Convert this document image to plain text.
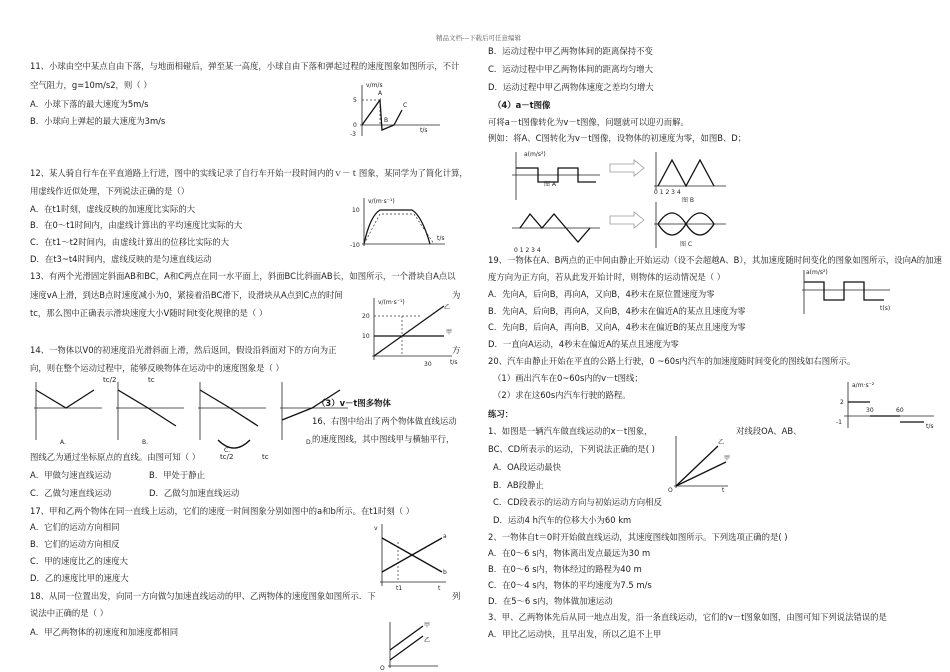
精品文档---下载后可任意编辑
11、小球由空中某点自由下落，与地面相碰后，弹至某一高度，小球自由下落和弹起过程的速度图象如图所示，不计
空气阻力，g=10m/s2，则（ ）
A．小球下落的最大速度为5m/s
B．小球向上弹起的最大速度为3m/s
12、某人骑自行车在平直道路上行进，图中的实线记录了自行车开始一段时间内的ｖ－ｔ图象，某同学为了简化计算，
用虚线作近似处理，下列说法正确的是（）
A．在t1时刻，虚线反映的加速度比实际的大
B．在0～t1时间内，由虚线计算出的平均速度比实际的大
C．在t1～t2时间内，由虚线计算出的位移比实际的大
D．在t3~t4时间内，虚线反映的是匀速直线运动
13、有两个光滑固定斜面AB和BC，A和C两点在同一水平面上，斜面BC比斜面AB长，如图所示，一个滑块自A点以
速度vA上滑，到达B点时速度减小为0，紧接着沿BC滑下，设滑块从A点到C点的时间	为
tc，那么图中正确表示滑块速度大小V随时间t变化规律的是（ ）
14、一物体以V0的初速度沿光滑斜面上滑，然后返回，假设沿斜面对下的方向为正	方
向，则在整个运动过程中，能够反映物体在运动中的速度图象是（ ）
（3）v－t图多物体
16、右图中给出了两个物体做直线运动
的速度图线，其中图线甲与横轴平行，
图线乙为通过坐标原点的直线。由图可知（ ）
A．甲做匀速直线运动	B．甲处于静止
C．乙做匀速直线运动	D．乙做匀加速直线运动
17、甲和乙两个物体在同一直线上运动，它们的速度一时间图象分别如图中的a和b所示。在t1时刻（ ）
A．它们的运动方向相同
B．它们的运动方向相反
C．甲的速度比乙的速度大
D．乙的速度比甲的速度大
18、从同一位置出发，向同一方向做匀加速直线运动的甲、乙两物体的速度图象如图所示．下	列
说法中正确的是（ ）
A．甲乙两物体的初速度和加速度都相同
v/m/s
5
0
-3
A
B
C
t/s
v/(m·s⁻¹)
10
-10
t/s
v/(m·s⁻¹)
10
20
30
甲
乙
t/s
A.	B.
C.
D.
tc/2	tc
tc/2	tc
v
a
b
t1	t
甲
乙
O
B．运动过程中甲乙两物体间的距离保持不变
C．运动过程中甲乙两物体间的距离均匀增大
D．运动过程中甲乙两物体速度之差均匀增大
（4）a－t图像
可将a－t图像转化为v－t图像，问题就可以迎刃而解。
例如：将A、C图转化为v－t图像，设物体的初速度为零，如图B、D；
19、一物体在A、B两点的正中间由静止开始运动（设不会超越A、B），其加速度随时间变化的图象如图所示，设向A的加速
度方向为正方向，若从此发开始计时，则物体的运动情况是（ ）
A．先向A，后向B，再向A，又向B，4秒末在原位置速度为零
B．先向A，后向B，再向A，又向B，4秒末在偏近A的某点且速度为零
C．先向B，后向A，再向B，又向A，4秒末在偏近B的某点且速度为零
D．一直向A运动，4秒末在偏近A的某点且速度为零
20、汽车由静止开始在平直的公路上行驶，0 ~60s内汽车的加速度随时间变化的图线如右图所示。
（1）画出汽车在0~60s内的v－t图线；
（2）求在这60s内汽车行驶的路程。
练习：
1、如图是一辆汽车做直线运动的x－t图象，	对线段OA、AB、
BC、CD所表示的运动，下列说法正确的是( )
A．OA段运动最快
B．AB段静止
C．CD段表示的运动方向与初始运动方向相反
D．运动4 h汽车的位移大小为60 km
2、一物体自t＝0时开始做直线运动，其速度图线如图所示。下列选项正确的是( )
A．在0～6 s内，物体离出发点最远为30 m
B．在0～6 s内，物体经过的路程为40 m
C．在0～4 s内，物体的平均速度为7.5 m/s
D．在5～6 s内，物体做加速运动
3、甲、乙两物体先后从同一地点出发，沿一条直线运动，它们的v－t图象如图，由图可知下列说法错误的是
A．甲比乙运动快，且早出发，所以乙追不上甲
a(m/s²)
图 A
0 1 2 3 4
图 B
0 1 2 3 4
图 C
a(m/s²)
t(s)
a/m·s⁻²
2
-1
30	60
t/s
乙
甲
O	t
